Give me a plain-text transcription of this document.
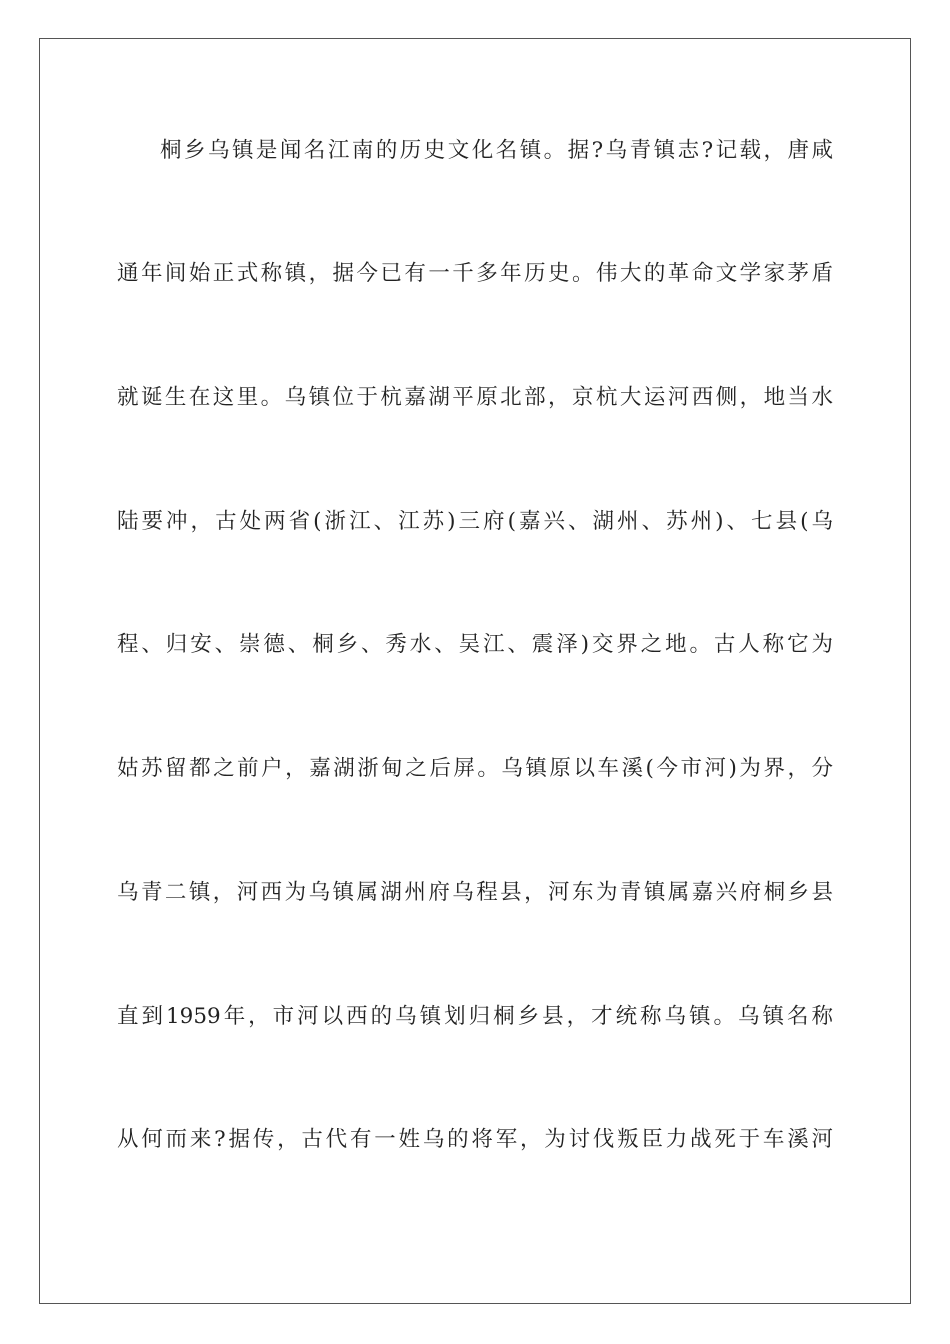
桐乡乌镇是闻名江南的历史文化名镇。据?乌青镇志?记载，唐咸
通年间始正式称镇，据今已有一千多年历史。伟大的革命文学家茅盾
就诞生在这里。乌镇位于杭嘉湖平原北部，京杭大运河西侧，地当水
陆要冲，古处两省(浙江、江苏)三府(嘉兴、湖州、苏州)、七县(乌
程、归安、崇德、桐乡、秀水、吴江、震泽)交界之地。古人称它为
姑苏留都之前户，嘉湖浙甸之后屏。乌镇原以车溪(今市河)为界，分
乌青二镇，河西为乌镇属湖州府乌程县，河东为青镇属嘉兴府桐乡县
直到1959年，市河以西的乌镇划归桐乡县，才统称乌镇。乌镇名称
从何而来?据传，古代有一姓乌的将军，为讨伐叛臣力战死于车溪河
